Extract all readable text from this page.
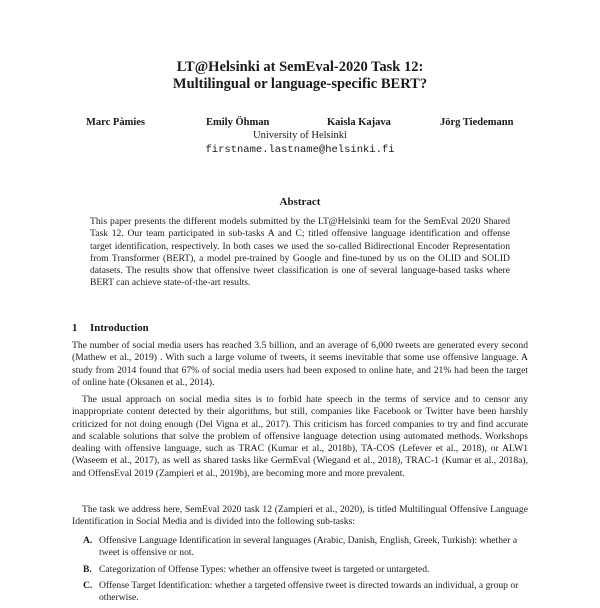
LT@Helsinki at SemEval-2020 Task 12:
Multilingual or language-specific BERT?
Marc Pàmies	Emily Öhman	Kaisla Kajava	Jörg Tiedemann
University of Helsinki
firstname.lastname@helsinki.fi
Abstract

This paper presents the different models submitted by the LT@Helsinki team for the SemEval 2020 Shared Task 12. Our team participated in sub-tasks A and C; titled offensive language identification and offense target identification, respectively. In both cases we used the so-called Bidirectional Encoder Representation from Transformer (BERT), a model pre-trained by Google and fine-tuned by us on the OLID and SOLID datasets. The results show that offensive tweet classification is one of several language-based tasks where BERT can achieve state-of-the-art results.

1 Introduction

The number of social media users has reached 3.5 billion, and an average of 6,000 tweets are generated every second (Mathew et al., 2019) . With such a large volume of tweets, it seems inevitable that some use offensive language. A study from 2014 found that 67% of social media users had been exposed to online hate, and 21% had been the target of online hate (Oksanen et al., 2014).

The usual approach on social media sites is to forbid hate speech in the terms of service and to censor any inappropriate content detected by their algorithms, but still, companies like Facebook or Twitter have been harshly criticized for not doing enough (Del Vigna et al., 2017). This criticism has forced companies to try and find accurate and scalable solutions that solve the problem of offensive language detection using automated methods. Workshops dealing with offensive language, such as TRAC (Kumar et al., 2018b), TA-COS (Lefever et al., 2018), or ALW1 (Waseem et al., 2017), as well as shared tasks like GermEval (Wiegand et al., 2018), TRAC-1 (Kumar et al., 2018a), and OffensEval 2019 (Zampieri et al., 2019b), are becoming more and more prevalent.

The task we address here, SemEval 2020 task 12 (Zampieri et al., 2020), is titled Multilingual Offensive Language Identification in Social Media and is divided into the following sub-tasks:

A. Offensive Language Identification in several languages (Arabic, Danish, English, Greek, Turkish): whether a tweet is offensive or not.
B. Categorization of Offense Types: whether an offensive tweet is targeted or untargeted.
C. Offense Target Identification: whether a targeted offensive tweet is directed towards an individual, a group or otherwise.
